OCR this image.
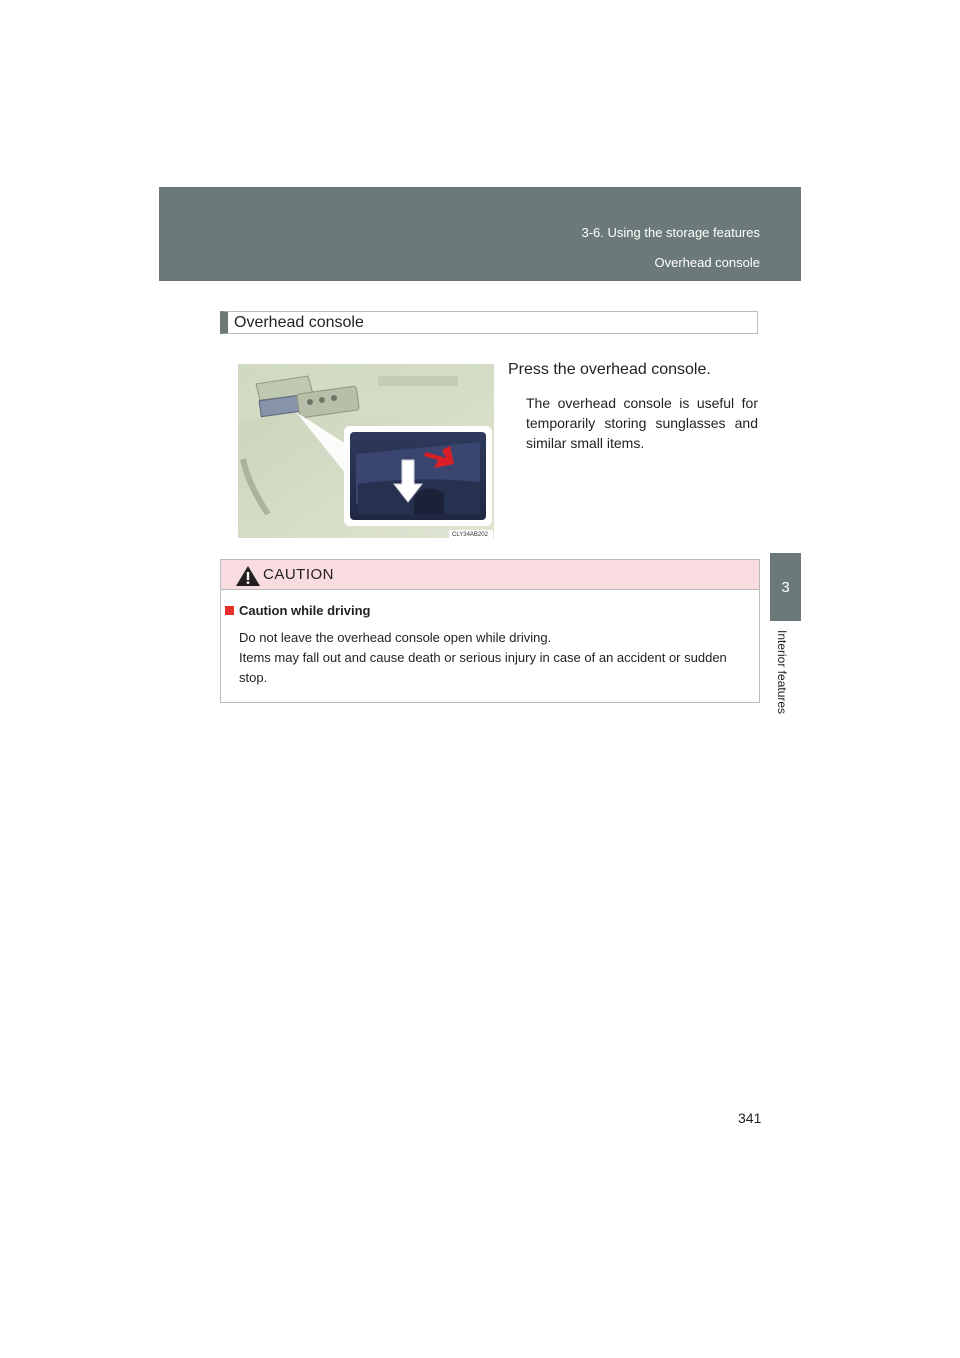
3-6. Using the storage features
Overhead console
3
Interior features
Overhead console
CLY34AB202
Press the overhead console.
The overhead console is useful for temporarily storing sunglasses and similar small items.
CAUTION
Caution while driving

Do not leave the overhead console open while driving.

Items may fall out and cause death or serious injury in case of an accident or sudden stop.

341
